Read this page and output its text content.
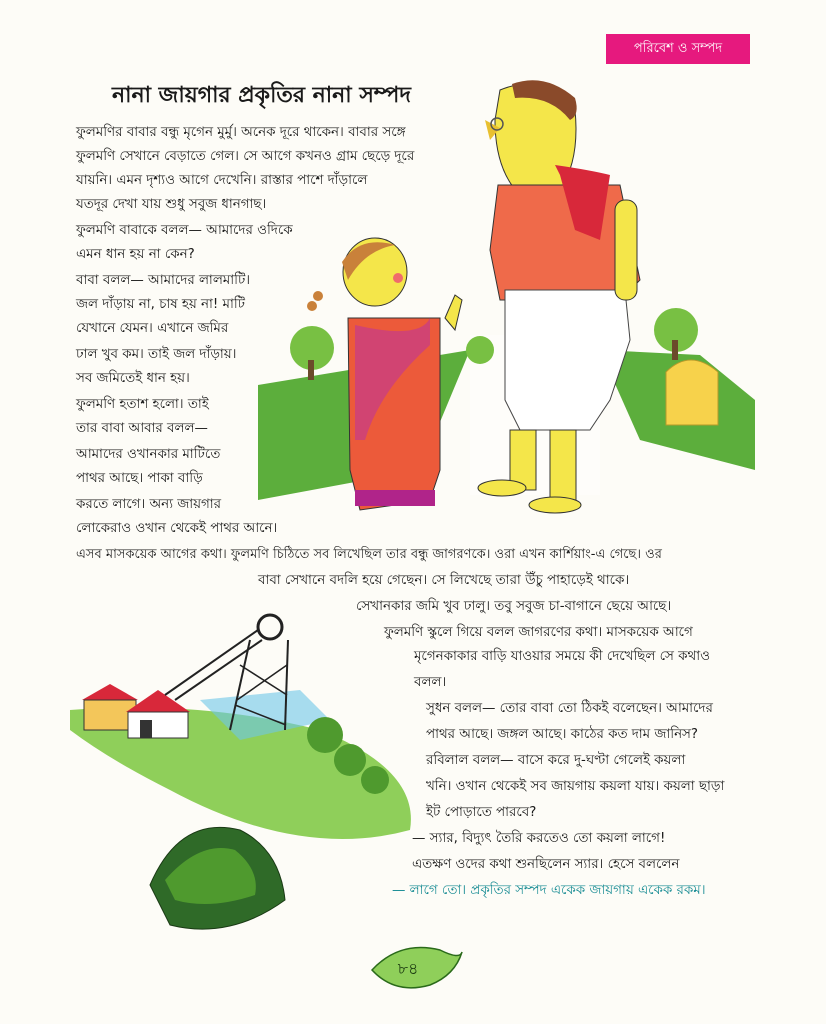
পরিবেশ ও সম্পদ
নানা জায়গার প্রকৃতির নানা সম্পদ
ফুলমণির বাবার বন্ধু মৃগেন মুর্মু। অনেক দূরে থাকেন। বাবার সঙ্গে
ফুলমণি সেখানে বেড়াতে গেল। সে আগে কখনও গ্রাম ছেড়ে দূরে
যায়নি। এমন দৃশ্যও আগে দেখেনি। রাস্তার পাশে দাঁড়ালে
যতদূর দেখা যায় শুধু সবুজ ধানগাছ।
ফুলমণি বাবাকে বলল— আমাদের ওদিকে
এমন ধান হয় না কেন?
বাবা বলল— আমাদের লালমাটি।
জল দাঁড়ায় না, চাষ হয় না! মাটি
যেখানে যেমন। এখানে জমির
ঢাল খুব কম। তাই জল দাঁড়ায়।
সব জমিতেই ধান হয়।
ফুলমণি হতাশ হলো। তাই
তার বাবা আবার বলল—
আমাদের ওখানকার মাটিতে
পাথর আছে। পাকা বাড়ি
করতে লাগে। অন্য জায়গার
লোকেরাও ওখান থেকেই পাথর আনে।
এসব মাসকয়েক আগের কথা। ফুলমণি চিঠিতে সব লিখেছিল তার বন্ধু জাগরণকে। ওরা এখন কার্শিয়াং-এ গেছে। ওর
বাবা সেখানে বদলি হয়ে গেছেন। সে লিখেছে তারা উঁচু পাহাড়েই থাকে।
সেখানকার জমি খুব ঢালু। তবু সবুজ চা-বাগানে ছেয়ে আছে।
ফুলমণি স্কুলে গিয়ে বলল জাগরণের কথা। মাসকয়েক আগে
মৃগেনকাকার বাড়ি যাওয়ার সময়ে কী দেখেছিল সে কথাও
বলল।
সুধন বলল— তোর বাবা তো ঠিকই বলেছেন। আমাদের
পাথর আছে। জঙ্গল আছে। কাঠের কত দাম জানিস?
রবিলাল বলল— বাসে করে দু-ঘণ্টা গেলেই কয়লা
খনি। ওখান থেকেই সব জায়গায় কয়লা যায়। কয়লা ছাড়া
ইট পোড়াতে পারবে?
— স্যার, বিদ্যুৎ তৈরি করতেও তো কয়লা লাগে!
এতক্ষণ ওদের কথা শুনছিলেন স্যার। হেসে বললেন
— লাগে তো। প্রকৃতির সম্পদ একেক জায়গায় একেক রকম।
৮৪
